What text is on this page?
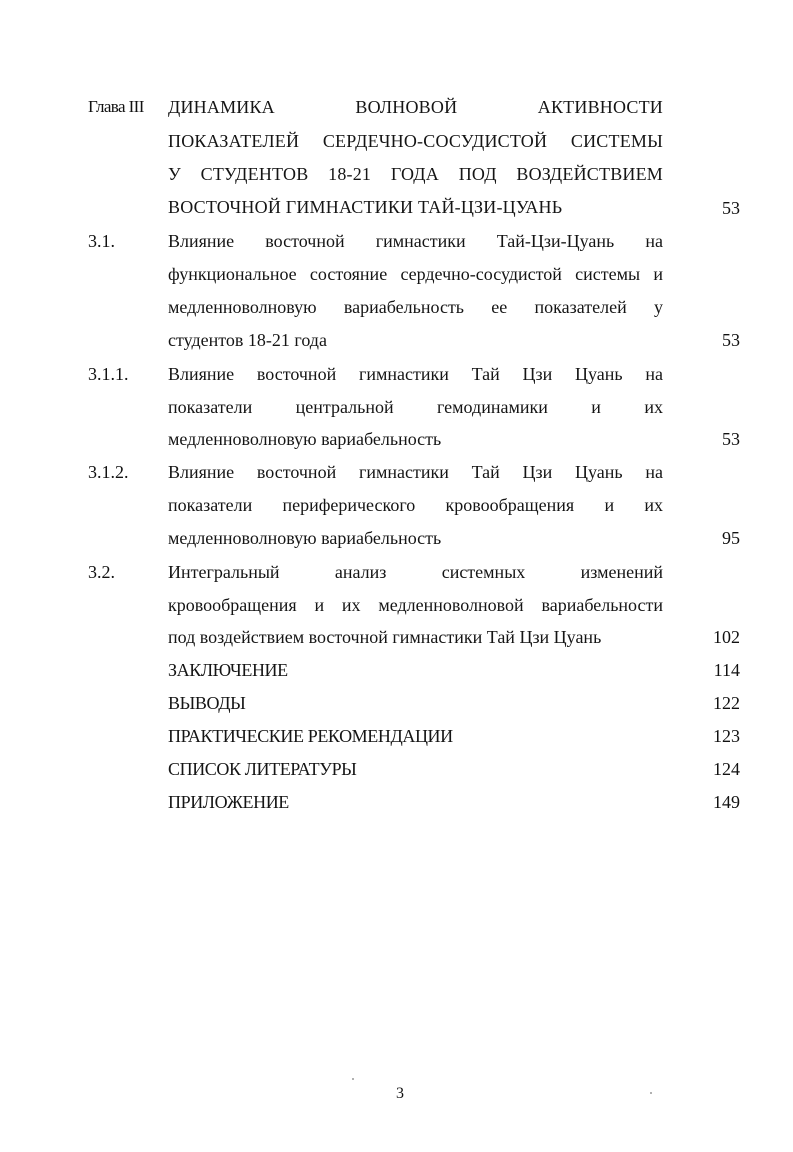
Глава III ДИНАМИКА ВОЛНОВОЙ АКТИВНОСТИ
ПОКАЗАТЕЛЕЙ СЕРДЕЧНО-СОСУДИСТОЙ СИСТЕМЫ
У СТУДЕНТОВ 18-21 ГОДА ПОД ВОЗДЕЙСТВИЕМ
ВОСТОЧНОЙ ГИМНАСТИКИ ТАЙ-ЦЗИ-ЦУАНЬ	53
3.1.	Влияние восточной гимнастики Тай-Цзи-Цуань на
функциональное состояние сердечно-сосудистой системы и
медленноволновую вариабельность ее показателей у
студентов 18-21 года	53
3.1.1. Влияние восточной гимнастики Тай Цзи Цуань на
показатели центральной гемодинамики и их
медленноволновую вариабельность	53
3.1.2. Влияние восточной гимнастики Тай Цзи Цуань на
показатели периферического кровообращения и их
медленноволновую вариабельность	95
3.2.	Интегральный анализ системных изменений
кровообращения и их медленноволновой вариабельности
под воздействием восточной гимнастики Тай Цзи Цуань	102
ЗАКЛЮЧЕНИЕ	114
ВЫВОДЫ	122
ПРАКТИЧЕСКИЕ РЕКОМЕНДАЦИИ	123
СПИСОК ЛИТЕРАТУРЫ	124
ПРИЛОЖЕНИЕ	149
3
